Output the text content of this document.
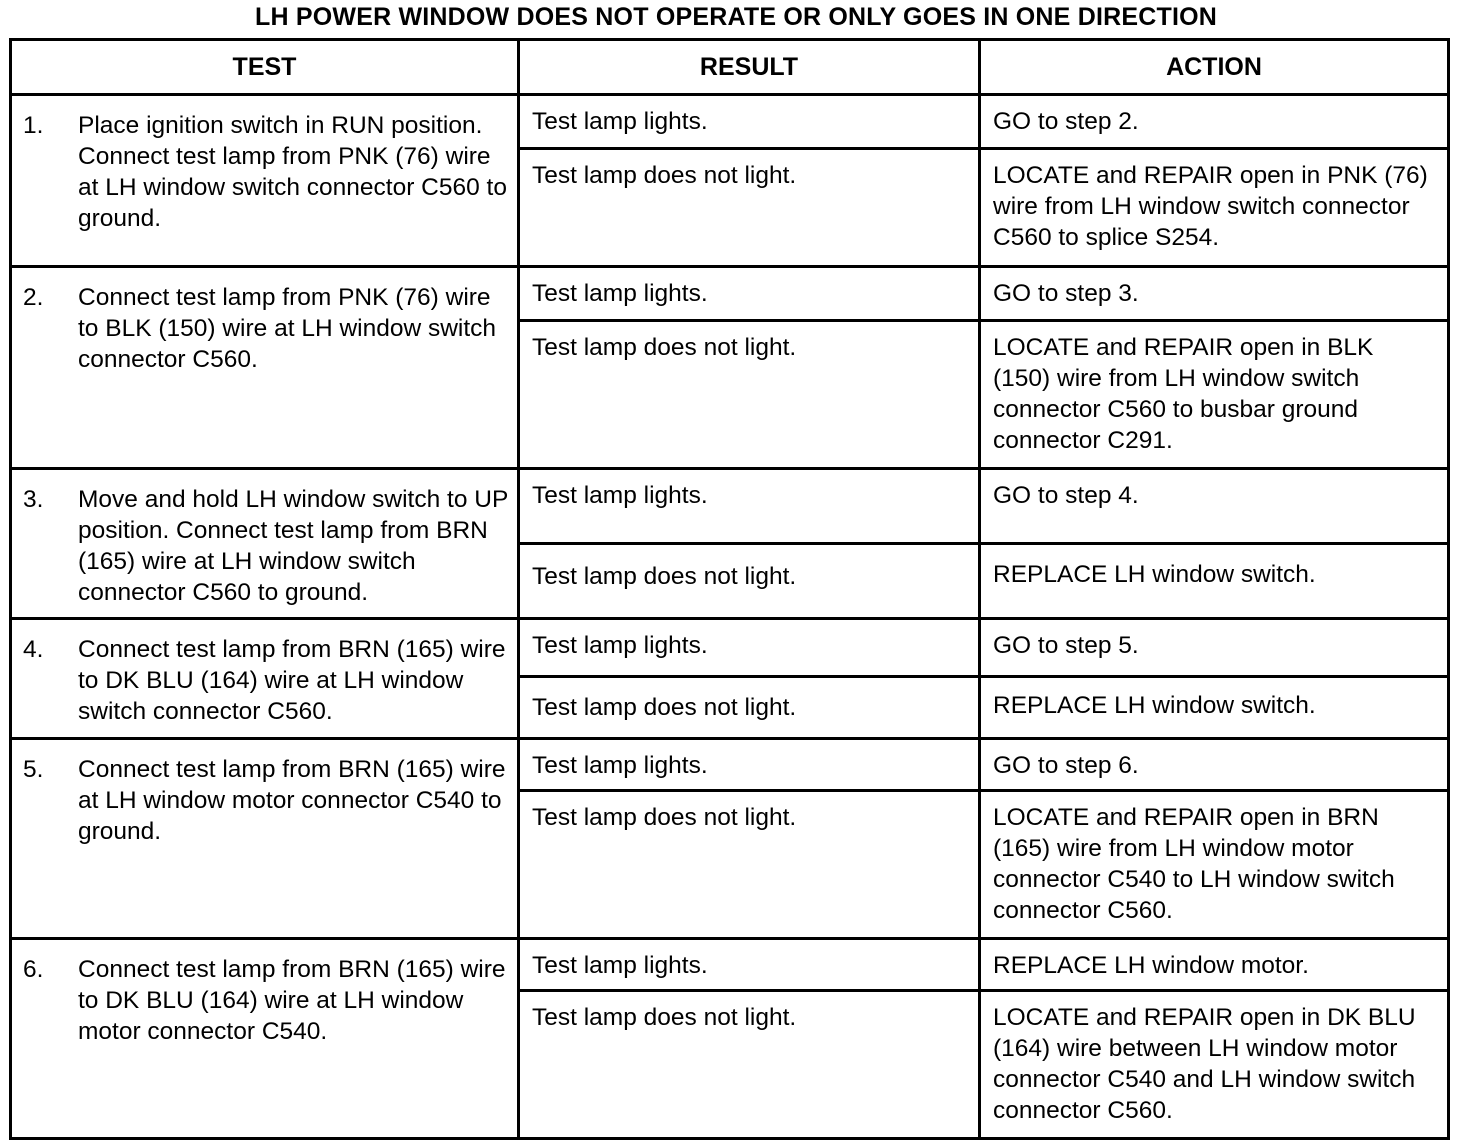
LH POWER WINDOW DOES NOT OPERATE OR ONLY GOES IN ONE DIRECTION
TEST	RESULT	ACTION

1. Place ignition switch in RUN position. Connect test lamp from PNK (76) wire at LH window switch connector C560 to ground.	Test lamp lights.	GO to step 2.
	Test lamp does not light.	LOCATE and REPAIR open in PNK (76) wire from LH window switch connector C560 to splice S254.

2. Connect test lamp from PNK (76) wire to BLK (150) wire at LH window switch connector C560.	Test lamp lights.	GO to step 3.
	Test lamp does not light.	LOCATE and REPAIR open in BLK (150) wire from LH window switch connector C560 to busbar ground connector C291.

3. Move and hold LH window switch to UP position. Connect test lamp from BRN (165) wire at LH window switch connector C560 to ground.	Test lamp lights.	GO to step 4.
	Test lamp does not light.	REPLACE LH window switch.

4. Connect test lamp from BRN (165) wire to DK BLU (164) wire at LH window switch connector C560.	Test lamp lights.	GO to step 5.
	Test lamp does not light.	REPLACE LH window switch.

5. Connect test lamp from BRN (165) wire at LH window motor connector C540 to ground.	Test lamp lights.	GO to step 6.
	Test lamp does not light.	LOCATE and REPAIR open in BRN (165) wire from LH window motor connector C540 to LH window switch connector C560.

6. Connect test lamp from BRN (165) wire to DK BLU (164) wire at LH window motor connector C540.	Test lamp lights.	REPLACE LH window motor.
	Test lamp does not light.	LOCATE and REPAIR open in DK BLU (164) wire between LH window motor connector C540 and LH window switch connector C560.
